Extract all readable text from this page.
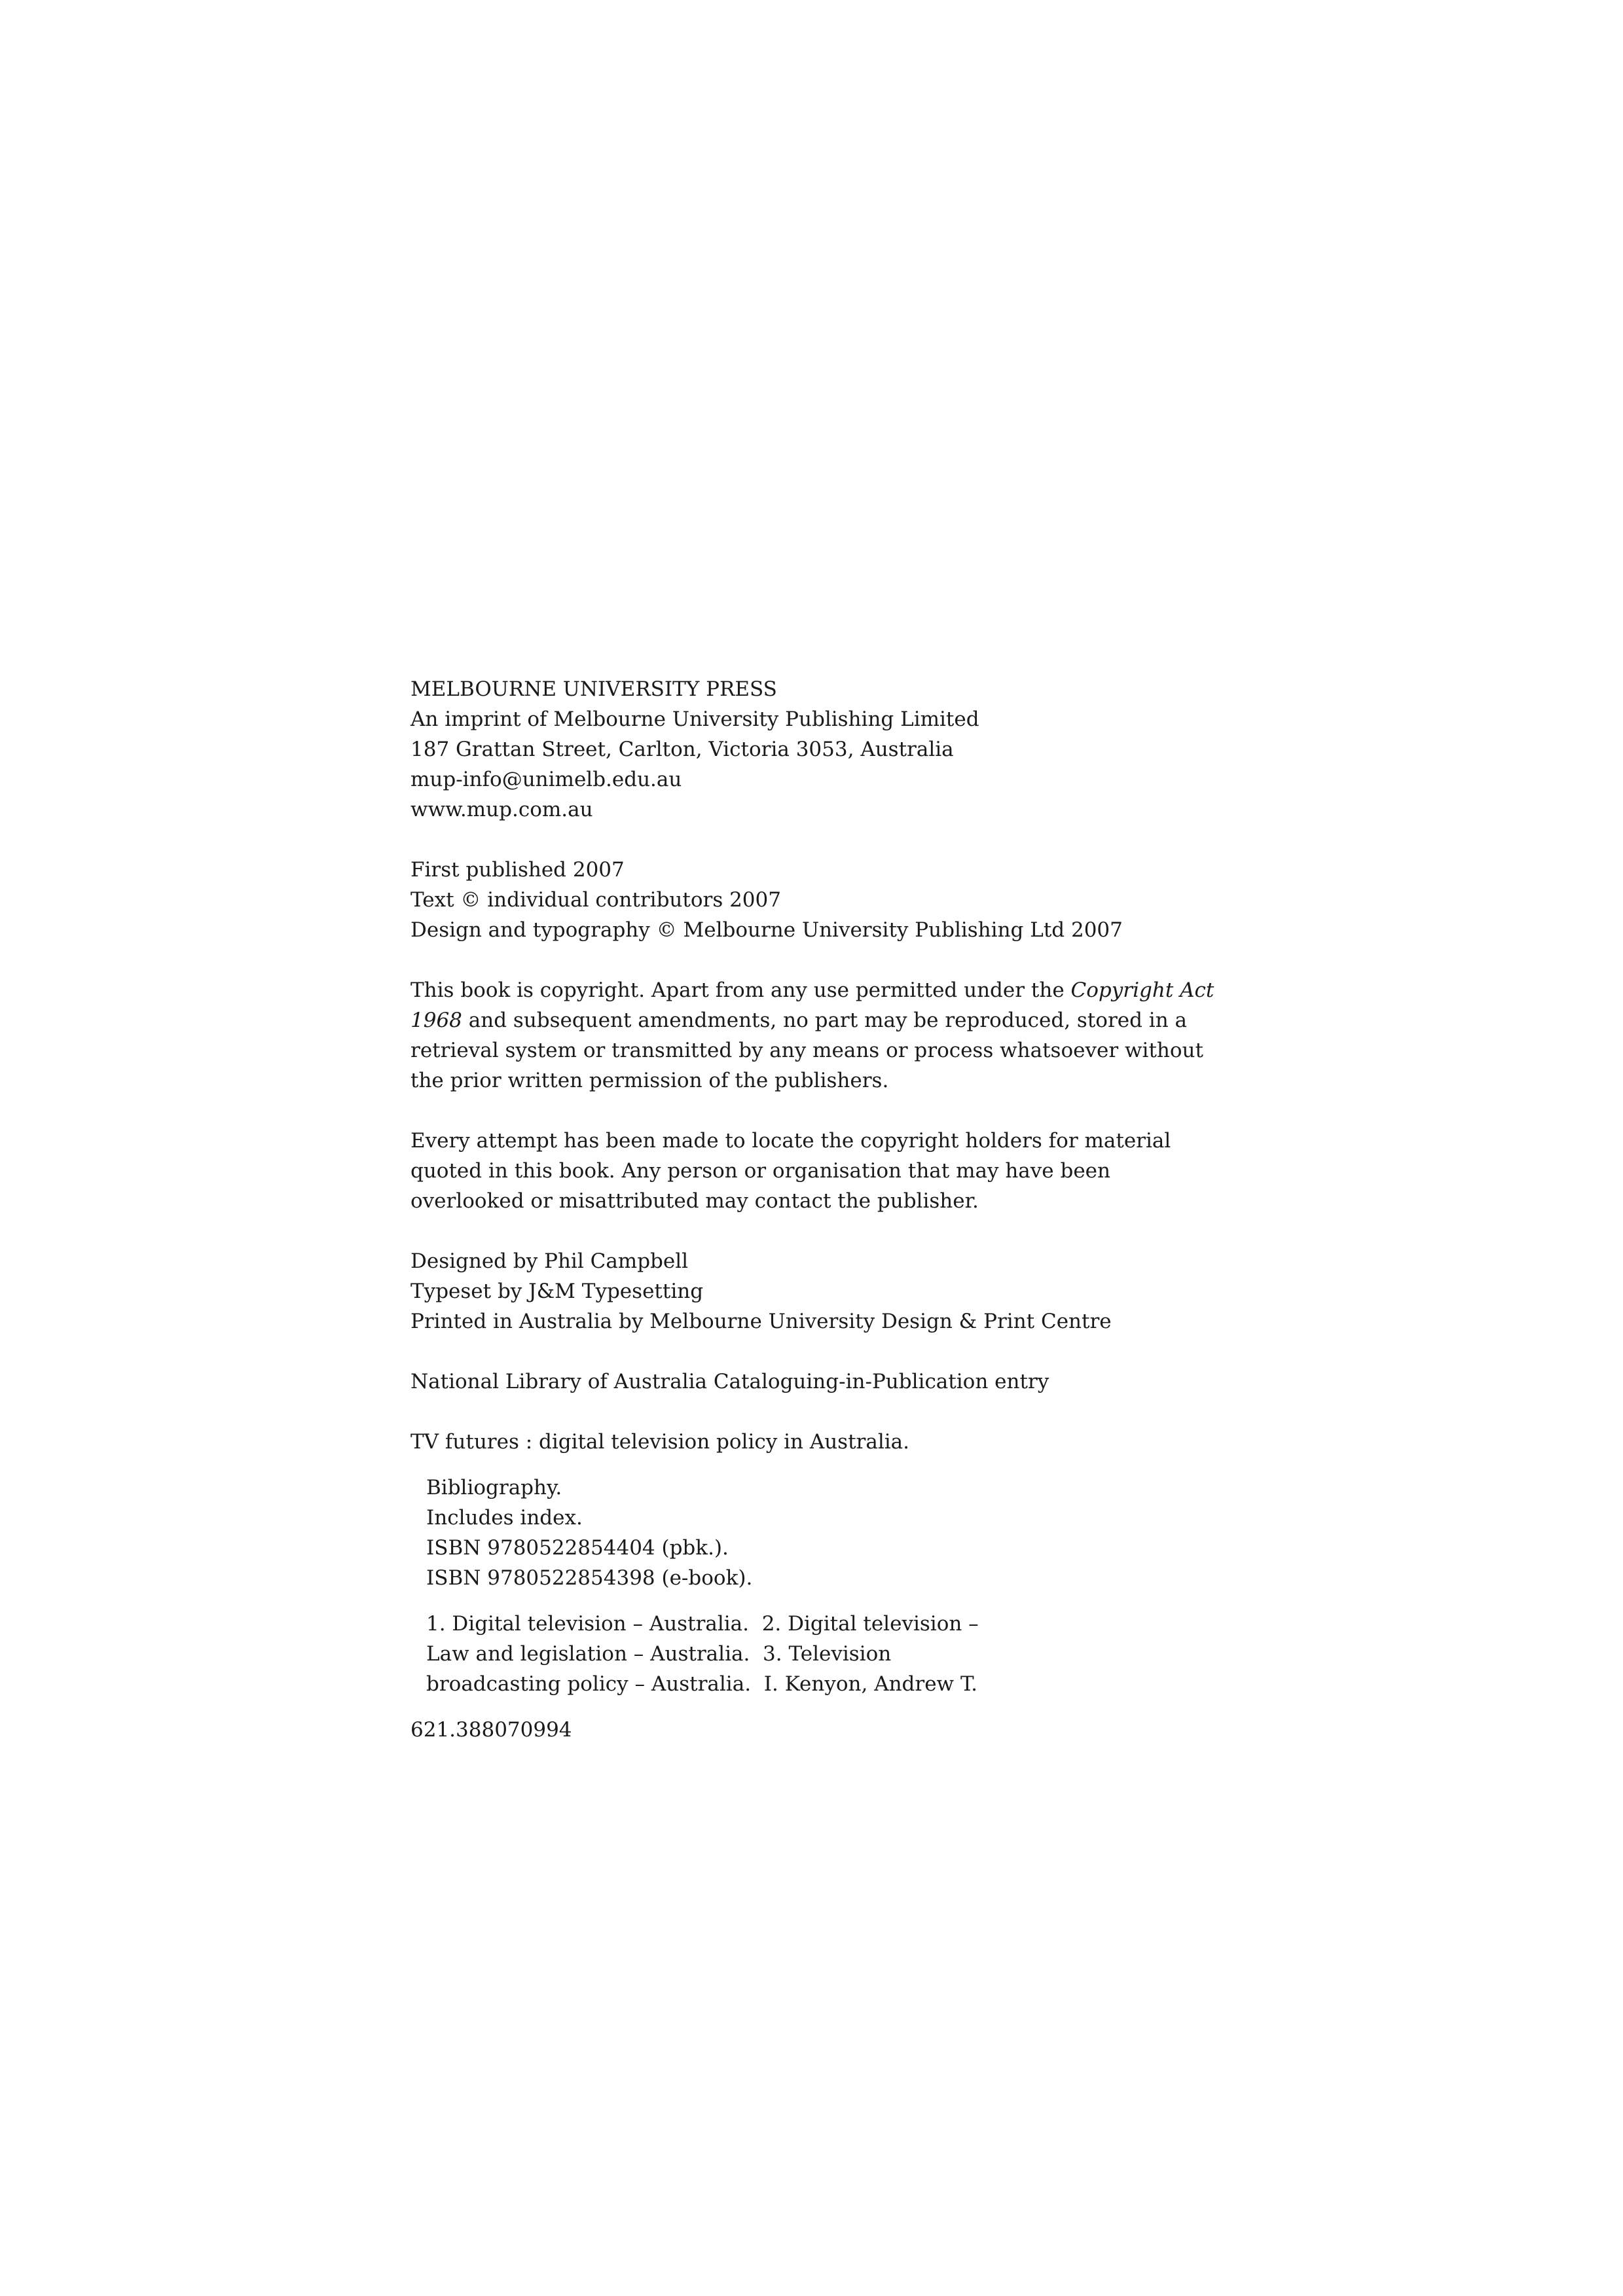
MELBOURNE UNIVERSITY PRESS
An imprint of Melbourne University Publishing Limited
187 Grattan Street, Carlton, Victoria 3053, Australia
mup-info@unimelb.edu.au
www.mup.com.au
First published 2007
Text © individual contributors 2007
Design and typography © Melbourne University Publishing Ltd 2007
This book is copyright. Apart from any use permitted under the Copyright Act
1968 and subsequent amendments, no part may be reproduced, stored in a
retrieval system or transmitted by any means or process whatsoever without
the prior written permission of the publishers.
Every attempt has been made to locate the copyright holders for material
quoted in this book. Any person or organisation that may have been
overlooked or misattributed may contact the publisher.
Designed by Phil Campbell
Typeset by J&M Typesetting
Printed in Australia by Melbourne University Design & Print Centre
National Library of Australia Cataloguing-in-Publication entry
TV futures : digital television policy in Australia.
Bibliography.
Includes index.
ISBN 9780522854404 (pbk.).
ISBN 9780522854398 (e-book).
1. Digital television – Australia.  2. Digital television –
Law and legislation – Australia.  3. Television
broadcasting policy – Australia.  I. Kenyon, Andrew T.
621.388070994
